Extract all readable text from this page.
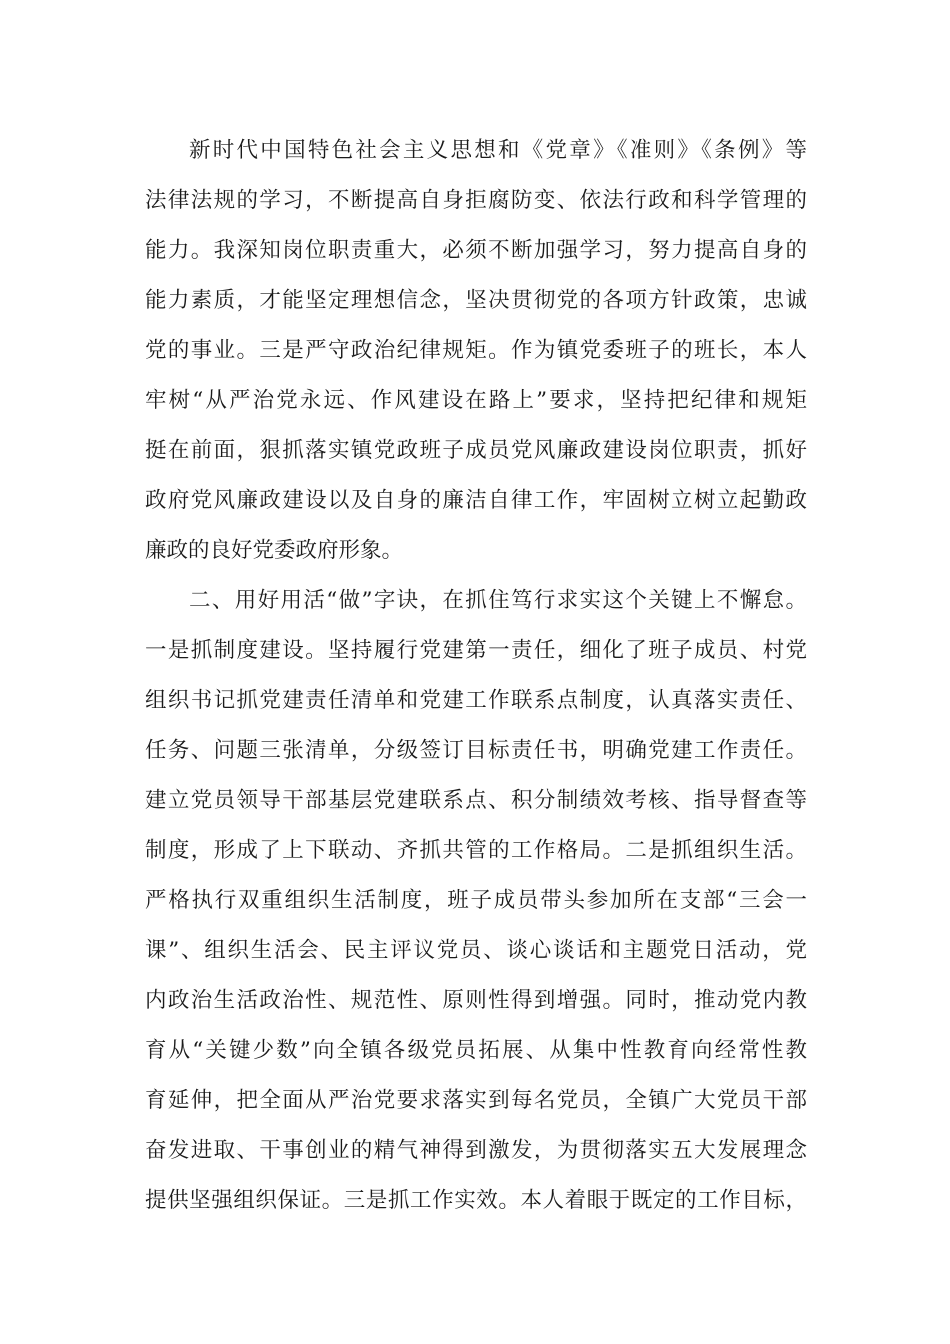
新时代中国特色社会主义思想和《党章》《准则》《条例》等
法律法规的学习，不断提高自身拒腐防变、依法行政和科学管理的
能力。我深知岗位职责重大，必须不断加强学习，努力提高自身的
能力素质，才能坚定理想信念，坚决贯彻党的各项方针政策，忠诚
党的事业。三是严守政治纪律规矩。作为镇党委班子的班长，本人
牢树“从严治党永远、作风建设在路上”要求，坚持把纪律和规矩
挺在前面，狠抓落实镇党政班子成员党风廉政建设岗位职责，抓好
政府党风廉政建设以及自身的廉洁自律工作，牢固树立树立起勤政
廉政的良好党委政府形象。
二、用好用活“做”字诀，在抓住笃行求实这个关键上不懈怠。
一是抓制度建设。坚持履行党建第一责任，细化了班子成员、村党
组织书记抓党建责任清单和党建工作联系点制度，认真落实责任、
任务、问题三张清单，分级签订目标责任书，明确党建工作责任。
建立党员领导干部基层党建联系点、积分制绩效考核、指导督查等
制度，形成了上下联动、齐抓共管的工作格局。二是抓组织生活。
严格执行双重组织生活制度，班子成员带头参加所在支部“三会一
课”、组织生活会、民主评议党员、谈心谈话和主题党日活动，党
内政治生活政治性、规范性、原则性得到增强。同时，推动党内教
育从“关键少数”向全镇各级党员拓展、从集中性教育向经常性教
育延伸，把全面从严治党要求落实到每名党员，全镇广大党员干部
奋发进取、干事创业的精气神得到激发，为贯彻落实五大发展理念
提供坚强组织保证。三是抓工作实效。本人着眼于既定的工作目标，
